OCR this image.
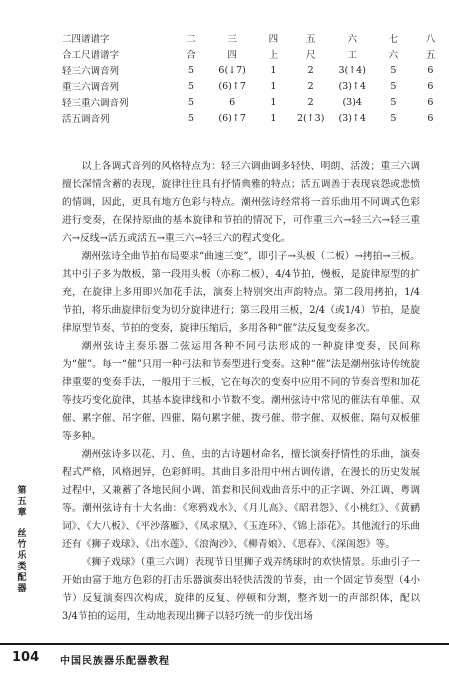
二四谱谱字	二	三	四	五	六	七	八
合工尺谱谱字	合	四	上	尺	工	六	五
轻三六调音列	5	6(↓7)	1	2	3(↑4)	5	6
重三六调音列	5	(6)↑7	1	2	(3)↑4	5	6
轻三重六调音列	5	6	1	2	(3)4	5	6
活五调音列	5	(6)↑7	1	2(↑3)	(3)↑4	5	6

以上各调式音列的风格特点为：轻三六调曲调多轻快、明朗、活泼；重三六调擅长深情含蓄的表现，旋律往往具有抒情典雅的特点；活五调善于表现哀怨或悲愤的情调，因此，更具有地方色彩与特点。潮州弦诗经常将一首乐曲用不同调式色彩进行变奏，在保持原曲的基本旋律和节拍的情况下，可作重三六→轻三六→轻三重六→反线→活五或活五→重三六→轻三六的程式变化。

潮州弦诗全曲节拍布局要求“曲速三变”，即引子→头板（二板）→拷拍→三板。其中引子多为散板，第一段用头板（亦称二板），4/4节拍，慢板，是旋律原型的扩充，在旋律上多用即兴加花手法，演奏上特别突出声韵特点。第二段用拷拍，1/4节拍，将乐曲旋律衍变为切分旋律进行；第三段用三板，2/4（或1/4）节拍，是旋律原型节奏、节拍的变奏，旋律压缩后，多用各种“催”法反复变奏多次。

潮州弦诗主奏乐器二弦运用各种不同弓法形成的一种旋律变奏，民间称为“催”。每一“催”只用一种弓法和节奏型进行变奏。这种“催”法是潮州弦诗传统旋律重要的变奏手法，一般用于三板，它在每次的变奏中应用不同的节奏音型和加花等技巧变化旋律，其基本旋律线和小节数不变。潮州弦诗中常见的催法有单催、双催、累字催、吊字催、四催、隔句累字催、拨弓催、带字催、双板催、隔句双板催等多种。

潮州弦诗多以花、月、鱼、虫的古诗题材命名，擅长演奏抒情性的乐曲，演奏程式严格，风格迥异，色彩鲜明。其曲目多沿用中州古调传谱，在漫长的历史发展过程中，又兼蓄了各地民间小调、笛套和民间戏曲音乐中的正字调、外江调、粤调等。潮州弦诗有十大名曲：《寒鸦戏水》、《月儿高》、《昭君怨》、《小桃红》、《黄鹂词》、《大八板》、《平沙落雁》、《凤求凰》、《玉连环》、《锦上添花》。其他流行的乐曲还有《狮子戏球》、《出水莲》、《浪淘沙》、《柳青娘》、《思春》、《深闺怨》等。

《狮子戏球》（重三六调）表现节日里狮子戏弄绣球时的欢快情景。乐曲引子一开始由富于地方色彩的打击乐器演奏出轻快活泼的节奏，由一个固定节奏型（4小节）反复演奏四次构成，旋律的反复、停顿和分割，整齐划一的声部织体，配以3/4节拍的运用，生动地表现出狮子以轻巧统一的步伐出场

第
五
章
丝
竹
乐
类
配
器
104 中国民族器乐配器教程
